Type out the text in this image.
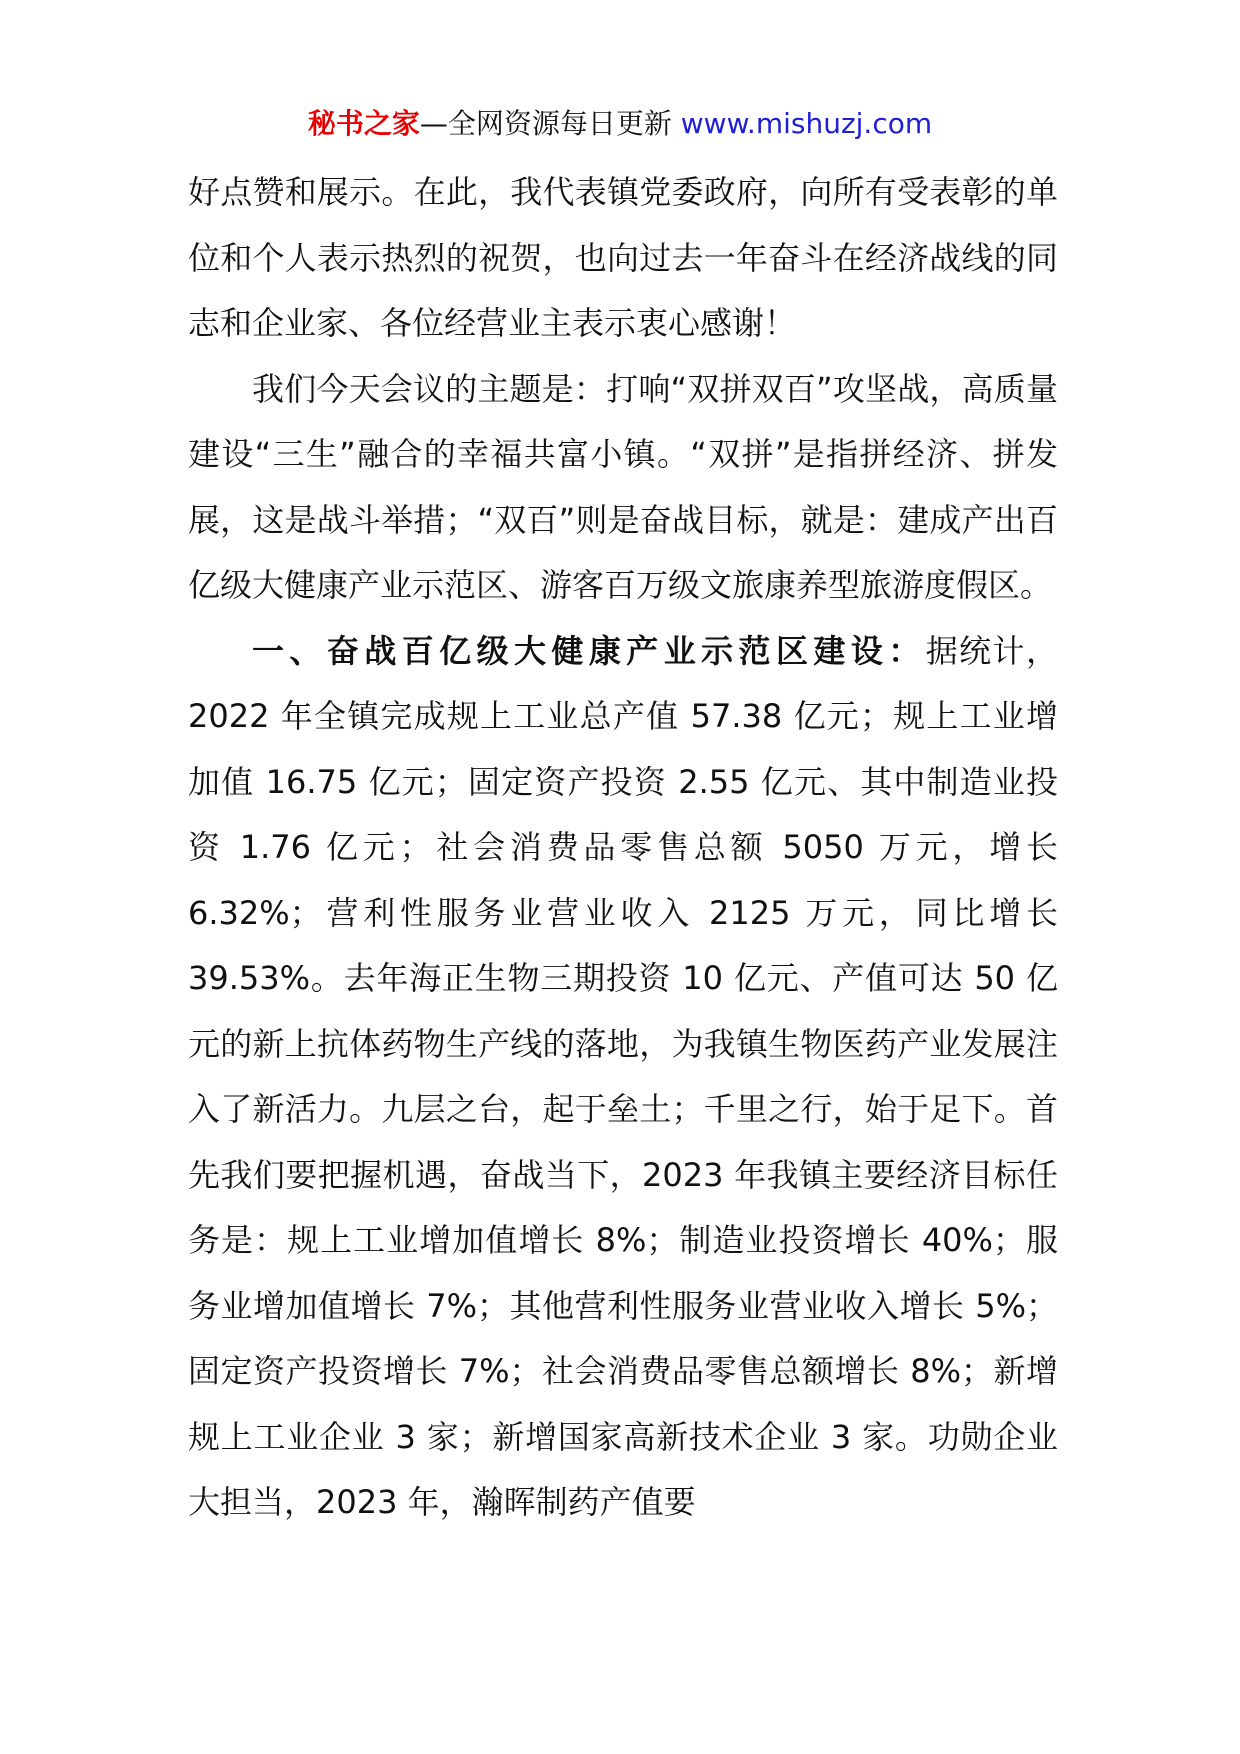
秘书之家—全网资源每日更新 www.mishuzj.com

好点赞和展示。在此，我代表镇党委政府，向所有受表彰的单位和个人表示热烈的祝贺，也向过去一年奋斗在经济战线的同志和企业家、各位经营业主表示衷心感谢！

我们今天会议的主题是：打响“双拼双百”攻坚战，高质量建设“三生”融合的幸福共富小镇。“双拼”是指拼经济、拼发展，这是战斗举措；“双百”则是奋战目标，就是：建成产出百亿级大健康产业示范区、游客百万级文旅康养型旅游度假区。

一、奋战百亿级大健康产业示范区建设：据统计，2022 年全镇完成规上工业总产值 57.38 亿元；规上工业增加值 16.75 亿元；固定资产投资 2.55 亿元、其中制造业投资 1.76 亿元；社会消费品零售总额 5050 万元，增长 6.32%；营利性服务业营业收入 2125 万元，同比增长 39.53%。去年海正生物三期投资 10 亿元、产值可达 50 亿元的新上抗体药物生产线的落地，为我镇生物医药产业发展注入了新活力。九层之台，起于垒土；千里之行，始于足下。首先我们要把握机遇，奋战当下，2023 年我镇主要经济目标任务是：规上工业增加值增长 8%；制造业投资增长 40%；服务业增加值增长 7%；其他营利性服务业营业收入增长 5%；固定资产投资增长 7%；社会消费品零售总额增长 8%；新增规上工业企业 3 家；新增国家高新技术企业 3 家。功勋企业大担当，2023 年，瀚晖制药产值要
